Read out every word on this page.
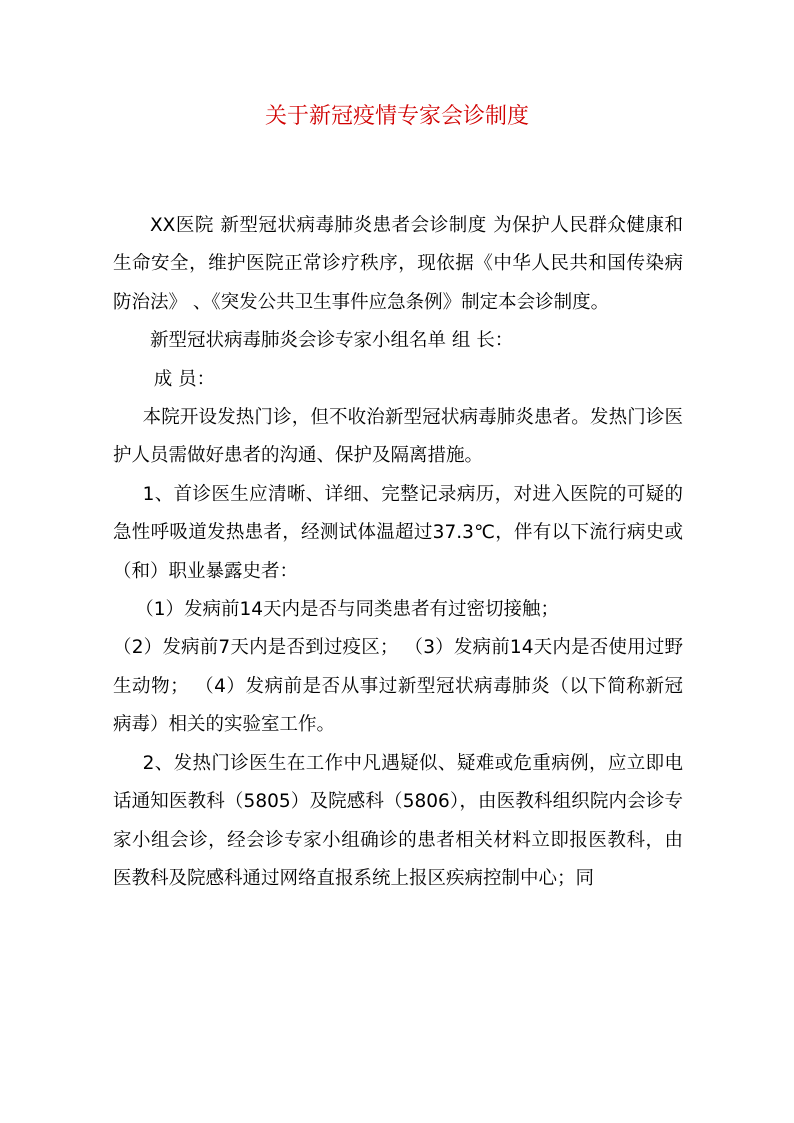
关于新冠疫情专家会诊制度

XX医院 新型冠状病毒肺炎患者会诊制度 为保护人民群众健康和生命安全，维护医院正常诊疗秩序，现依据《中华人民共和国传染病防治法》 、《突发公共卫生事件应急条例》制定本会诊制度。

新型冠状病毒肺炎会诊专家小组名单 组 长：

成 员：

本院开设发热门诊，但不收治新型冠状病毒肺炎患者。发热门诊医护人员需做好患者的沟通、保护及隔离措施。

1、首诊医生应清晰、详细、完整记录病历，对进入医院的可疑的急性呼吸道发热患者，经测试体温超过37.3℃，伴有以下流行病史或（和）职业暴露史者：

（1）发病前14天内是否与同类患者有过密切接触；

（2）发病前7天内是否到过疫区； （3）发病前14天内是否使用过野生动物； （4）发病前是否从事过新型冠状病毒肺炎（以下简称新冠病毒）相关的实验室工作。

2、发热门诊医生在工作中凡遇疑似、疑难或危重病例，应立即电话通知医教科（5805）及院感科（5806），由医教科组织院内会诊专家小组会诊，经会诊专家小组确诊的患者相关材料立即报医教科，由医教科及院感科通过网络直报系统上报区疾病控制中心；同
